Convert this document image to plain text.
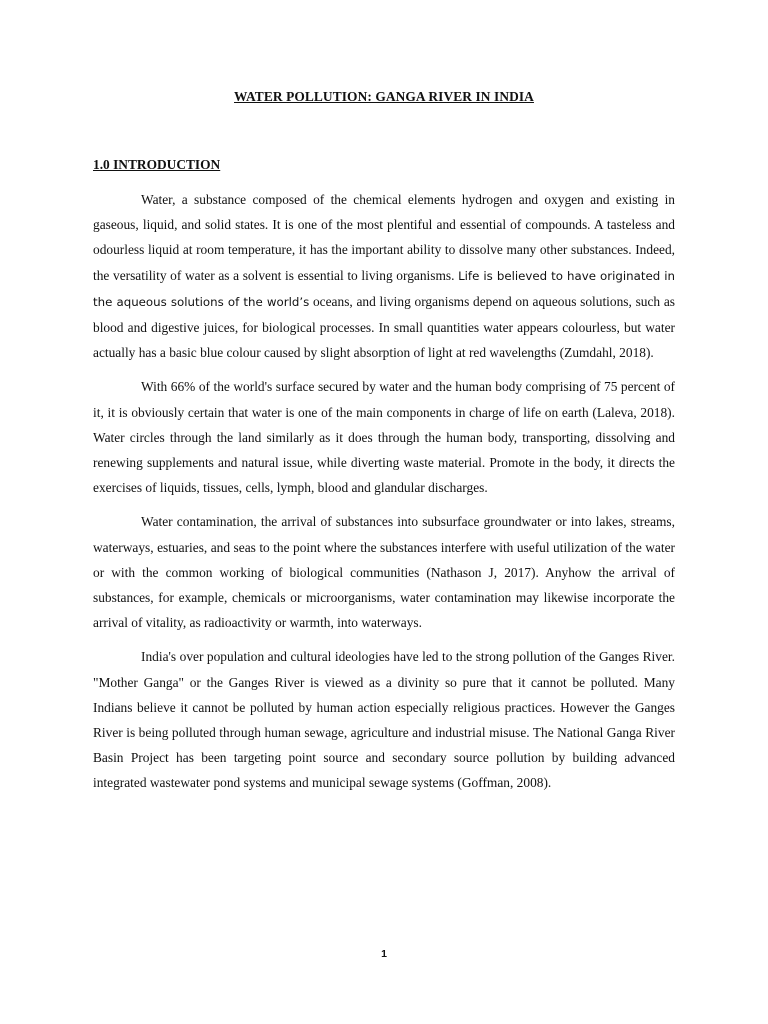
WATER POLLUTION: GANGA RIVER IN INDIA
1.0 INTRODUCTION

Water, a substance composed of the chemical elements hydrogen and oxygen and existing in gaseous, liquid, and solid states. It is one of the most plentiful and essential of compounds. A tasteless and odourless liquid at room temperature, it has the important ability to dissolve many other substances. Indeed, the versatility of water as a solvent is essential to living organisms. Life is believed to have originated in the aqueous solutions of the world’s oceans, and living organisms depend on aqueous solutions, such as blood and digestive juices, for biological processes. In small quantities water appears colourless, but water actually has a basic blue colour caused by slight absorption of light at red wavelengths (Zumdahl, 2018).

With 66% of the world's surface secured by water and the human body comprising of 75 percent of it, it is obviously certain that water is one of the main components in charge of life on earth (Laleva, 2018). Water circles through the land similarly as it does through the human body, transporting, dissolving and renewing supplements and natural issue, while diverting waste material. Promote in the body, it directs the exercises of liquids, tissues, cells, lymph, blood and glandular discharges.

Water contamination, the arrival of substances into subsurface groundwater or into lakes, streams, waterways, estuaries, and seas to the point where the substances interfere with useful utilization of the water or with the common working of biological communities (Nathason J, 2017). Anyhow the arrival of substances, for example, chemicals or microorganisms, water contamination may likewise incorporate the arrival of vitality, as radioactivity or warmth, into waterways.

India's over population and cultural ideologies have led to the strong pollution of the Ganges River. "Mother Ganga" or the Ganges River is viewed as a divinity so pure that it cannot be polluted. Many Indians believe it cannot be polluted by human action especially religious practices. However the Ganges River is being polluted through human sewage, agriculture and industrial misuse. The National Ganga River Basin Project has been targeting point source and secondary source pollution by building advanced integrated wastewater pond systems and municipal sewage systems (Goffman, 2008).

1
